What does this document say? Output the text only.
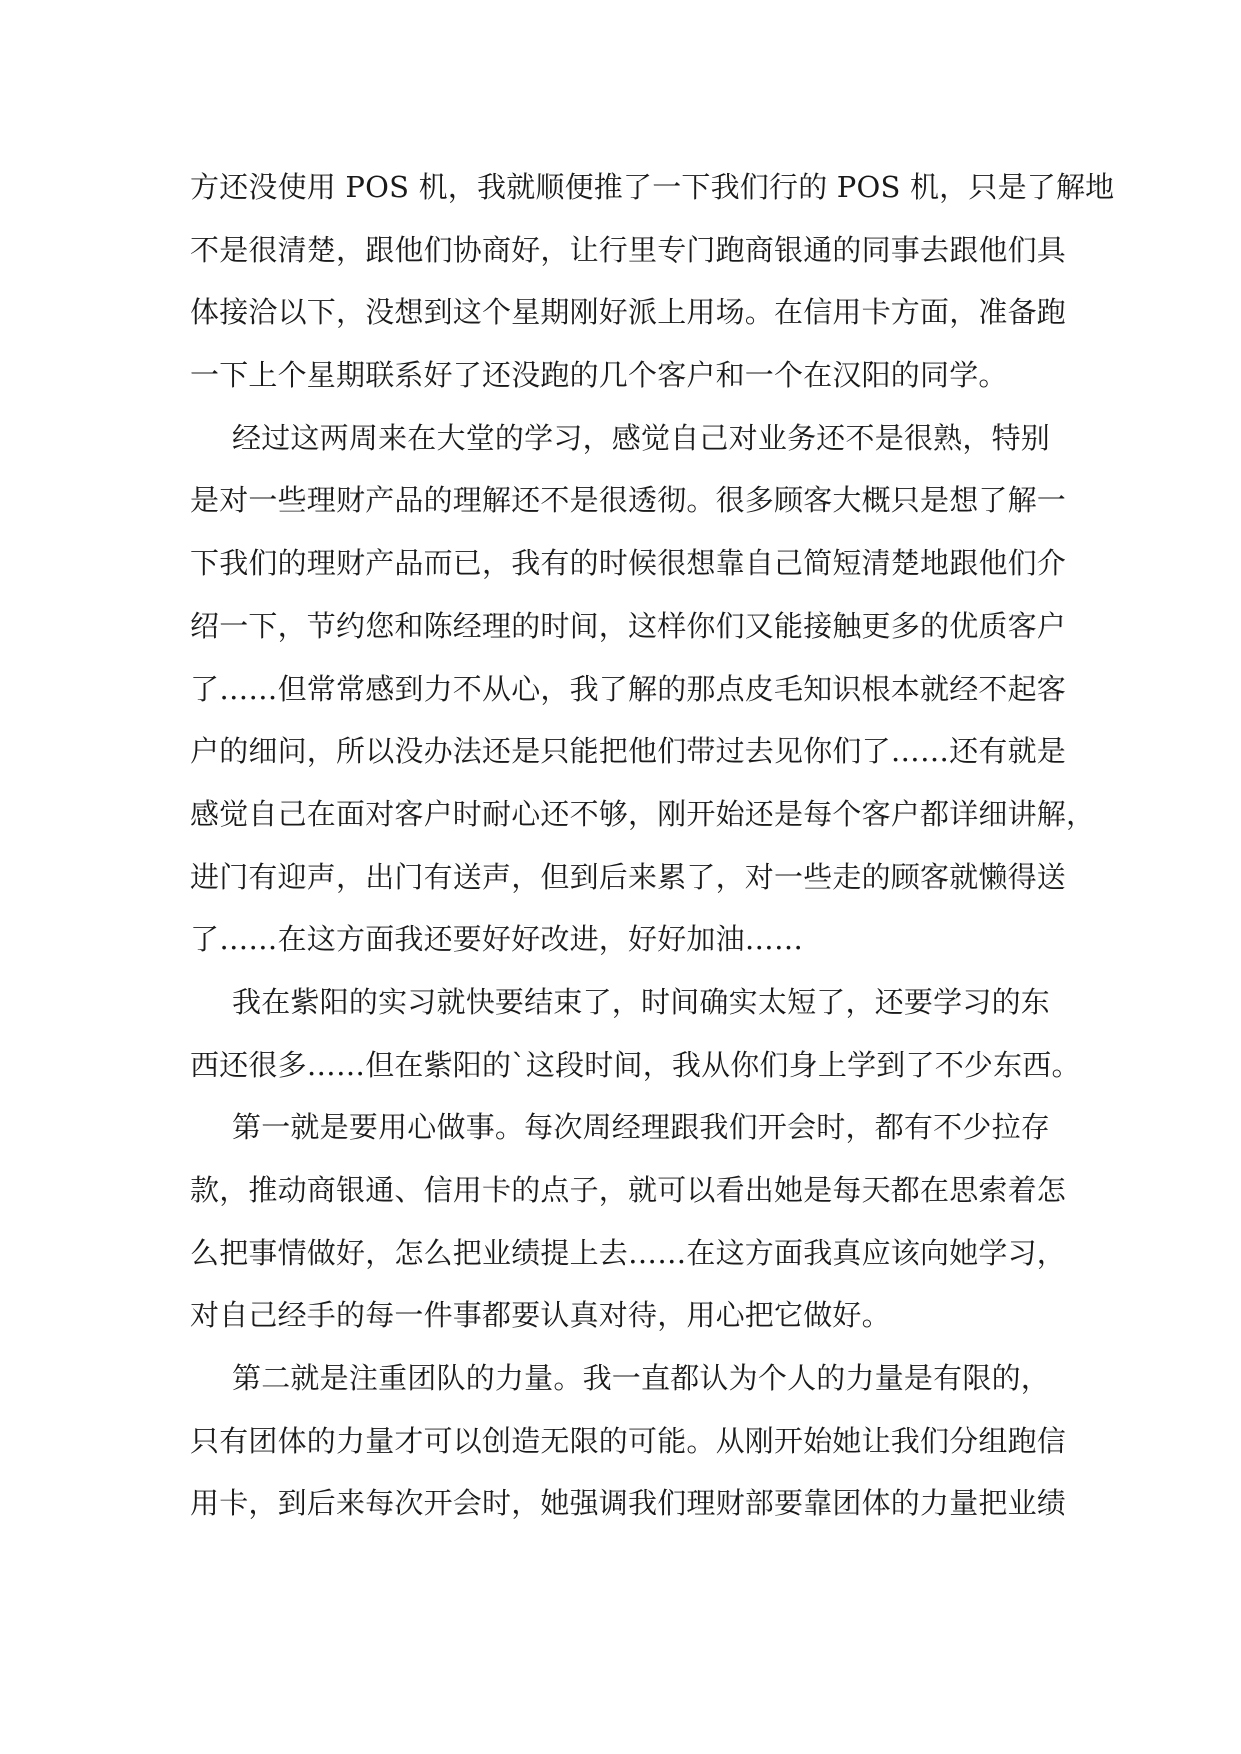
方还没使用 POS 机，我就顺便推了一下我们行的 POS 机，只是了解地
不是很清楚，跟他们协商好，让行里专门跑商银通的同事去跟他们具
体接洽以下，没想到这个星期刚好派上用场。在信用卡方面，准备跑
一下上个星期联系好了还没跑的几个客户和一个在汉阳的同学。
经过这两周来在大堂的学习，感觉自己对业务还不是很熟，特别
是对一些理财产品的理解还不是很透彻。很多顾客大概只是想了解一
下我们的理财产品而已，我有的时候很想靠自己简短清楚地跟他们介
绍一下，节约您和陈经理的时间，这样你们又能接触更多的优质客户
了……但常常感到力不从心，我了解的那点皮毛知识根本就经不起客
户的细问，所以没办法还是只能把他们带过去见你们了……还有就是
感觉自己在面对客户时耐心还不够，刚开始还是每个客户都详细讲解，
进门有迎声，出门有送声，但到后来累了，对一些走的顾客就懒得送
了……在这方面我还要好好改进，好好加油……
我在紫阳的实习就快要结束了，时间确实太短了，还要学习的东
西还很多……但在紫阳的`这段时间，我从你们身上学到了不少东西。
第一就是要用心做事。每次周经理跟我们开会时，都有不少拉存
款，推动商银通、信用卡的点子，就可以看出她是每天都在思索着怎
么把事情做好，怎么把业绩提上去……在这方面我真应该向她学习，
对自己经手的每一件事都要认真对待，用心把它做好。
第二就是注重团队的力量。我一直都认为个人的力量是有限的，
只有团体的力量才可以创造无限的可能。从刚开始她让我们分组跑信
用卡，到后来每次开会时，她强调我们理财部要靠团体的力量把业绩
